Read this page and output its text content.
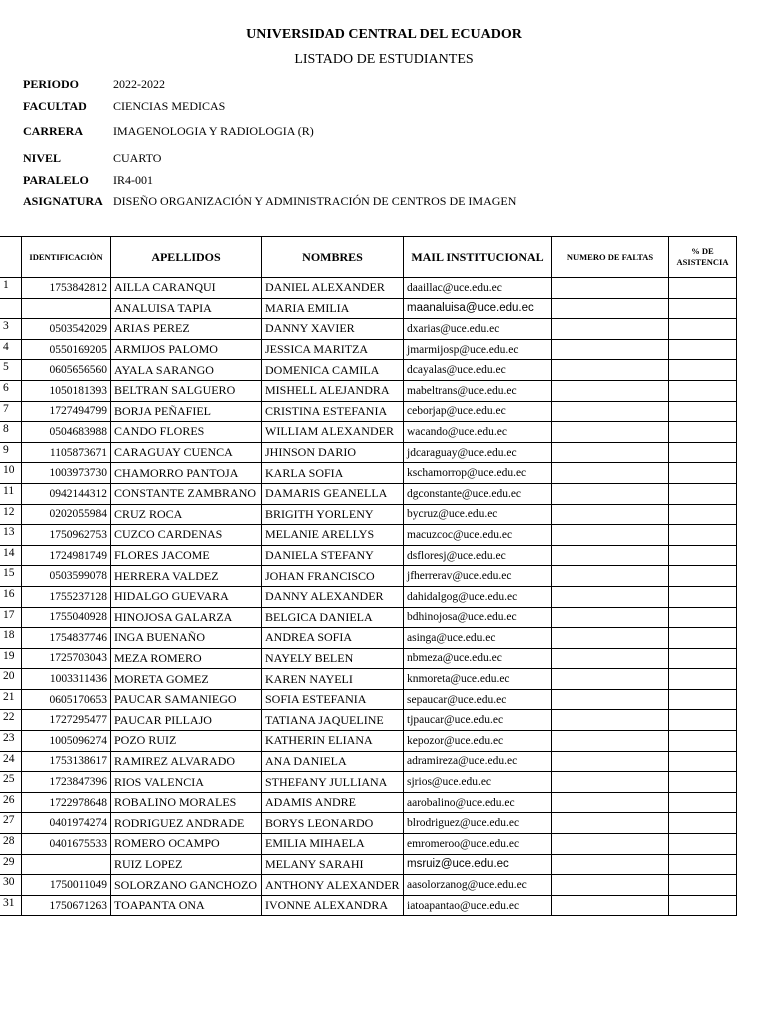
UNIVERSIDAD CENTRAL DEL ECUADOR
LISTADO DE ESTUDIANTES
PERIODO	2022-2022
FACULTAD CIENCIAS MEDICAS
CARRERA	IMAGENOLOGIA Y RADIOLOGIA (R)
NIVEL	CUARTO
PARALELO IR4-001
ASIGNATURA DISEÑO ORGANIZACIÓN Y ADMINISTRACIÓN DE CENTROS DE IMAGEN
	IDENTIFICACIÒN	APELLIDOS	NOMBRES	MAIL INSTITUCIONAL	NUMERO DE FALTAS	% DE ASISTENCIA
1	1753842812	AILLA CARANQUI	DANIEL ALEXANDER	daaillac@uce.edu.ec		
		ANALUISA TAPIA	MARIA EMILIA	maanaluisa@uce.edu.ec		
3	0503542029	ARIAS PEREZ	DANNY XAVIER	dxarias@uce.edu.ec		
4	0550169205	ARMIJOS PALOMO	JESSICA MARITZA	jmarmijosp@uce.edu.ec		
5	0605656560	AYALA SARANGO	DOMENICA CAMILA	dcayalas@uce.edu.ec		
6	1050181393	BELTRAN SALGUERO	MISHELL ALEJANDRA	mabeltrans@uce.edu.ec		
7	1727494799	BORJA PEÑAFIEL	CRISTINA ESTEFANIA	ceborjap@uce.edu.ec		
8	0504683988	CANDO FLORES	WILLIAM ALEXANDER	wacando@uce.edu.ec		
9	1105873671	CARAGUAY CUENCA	JHINSON DARIO	jdcaraguay@uce.edu.ec		
10	1003973730	CHAMORRO PANTOJA	KARLA SOFIA	kschamorrop@uce.edu.ec		
11	0942144312	CONSTANTE ZAMBRANO	DAMARIS GEANELLA	dgconstante@uce.edu.ec		
12	0202055984	CRUZ ROCA	BRIGITH YORLENY	bycruz@uce.edu.ec		
13	1750962753	CUZCO CARDENAS	MELANIE ARELLYS	macuzcoc@uce.edu.ec		
14	1724981749	FLORES JACOME	DANIELA STEFANY	dsfloresj@uce.edu.ec		
15	0503599078	HERRERA VALDEZ	JOHAN FRANCISCO	jfherrerav@uce.edu.ec		
16	1755237128	HIDALGO GUEVARA	DANNY ALEXANDER	dahidalgog@uce.edu.ec		
17	1755040928	HINOJOSA GALARZA	BELGICA DANIELA	bdhinojosa@uce.edu.ec		
18	1754837746	INGA BUENAÑO	ANDREA SOFIA	asinga@uce.edu.ec		
19	1725703043	MEZA ROMERO	NAYELY BELEN	nbmeza@uce.edu.ec		
20	1003311436	MORETA GOMEZ	KAREN NAYELI	knmoreta@uce.edu.ec		
21	0605170653	PAUCAR SAMANIEGO	SOFIA ESTEFANIA	sepaucar@uce.edu.ec		
22	1727295477	PAUCAR PILLAJO	TATIANA JAQUELINE	tjpaucar@uce.edu.ec		
23	1005096274	POZO RUIZ	KATHERIN ELIANA	kepozor@uce.edu.ec		
24	1753138617	RAMIREZ ALVARADO	ANA DANIELA	adramireza@uce.edu.ec		
25	1723847396	RIOS VALENCIA	STHEFANY JULLIANA	sjrios@uce.edu.ec		
26	1722978648	ROBALINO MORALES	ADAMIS ANDRE	aarobalino@uce.edu.ec		
27	0401974274	RODRIGUEZ ANDRADE	BORYS LEONARDO	blrodriguez@uce.edu.ec		
28	0401675533	ROMERO OCAMPO	EMILIA MIHAELA	emromeroo@uce.edu.ec		
29		RUIZ LOPEZ	MELANY SARAHI	msruiz@uce.edu.ec		
30	1750011049	SOLORZANO GANCHOZO	ANTHONY ALEXANDER	aasolorzanog@uce.edu.ec		
31	1750671263	TOAPANTA ONA	IVONNE ALEXANDRA	iatoapantao@uce.edu.ec		
